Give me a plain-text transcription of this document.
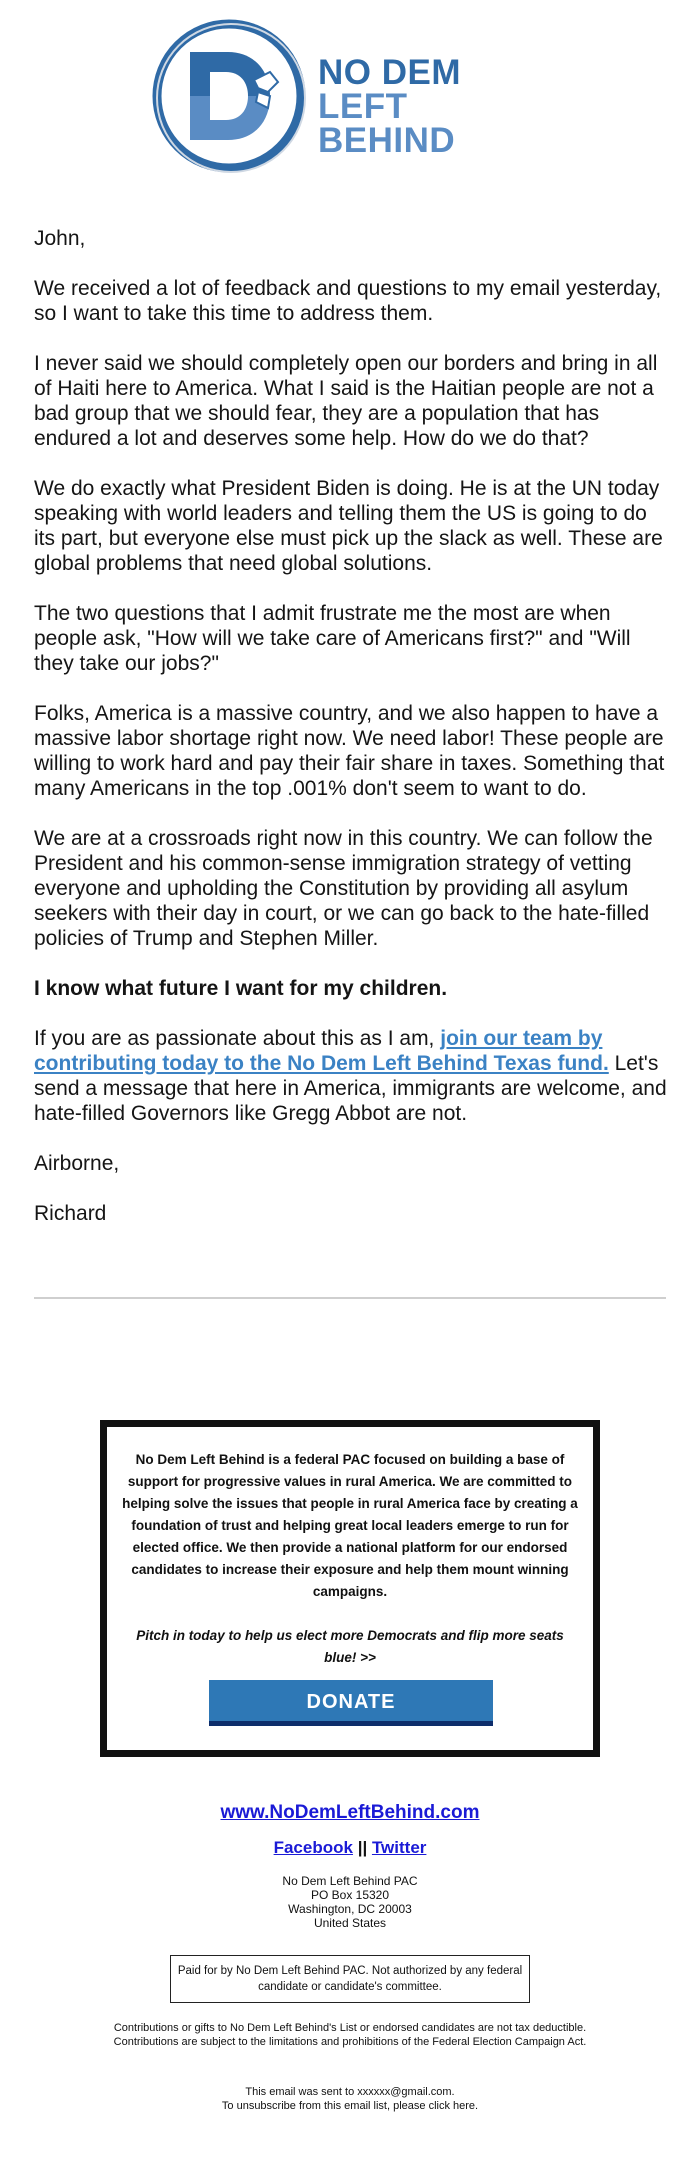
NO DEM
LEFT BEHIND

John,

We received a lot of feedback and questions to my email yesterday, so I want to take this time to address them.

I never said we should completely open our borders and bring in all of Haiti here to America. What I said is the Haitian people are not a bad group that we should fear, they are a population that has endured a lot and deserves some help. How do we do that?

We do exactly what President Biden is doing. He is at the UN today speaking with world leaders and telling them the US is going to do its part, but everyone else must pick up the slack as well. These are global problems that need global solutions.

The two questions that I admit frustrate me the most are when people ask, "How will we take care of Americans first?" and "Will they take our jobs?"

Folks, America is a massive country, and we also happen to have a massive labor shortage right now. We need labor! These people are willing to work hard and pay their fair share in taxes. Something that many Americans in the top .001% don't seem to want to do.

We are at a crossroads right now in this country. We can follow the President and his common-sense immigration strategy of vetting everyone and upholding the Constitution by providing all asylum seekers with their day in court, or we can go back to the hate-filled policies of Trump and Stephen Miller.

I know what future I want for my children.

If you are as passionate about this as I am, join our team by contributing today to the No Dem Left Behind Texas fund. Let's send a message that here in America, immigrants are welcome, and hate-filled Governors like Gregg Abbot are not.

Airborne,

Richard

No Dem Left Behind is a federal PAC focused on building a base of support for progressive values in rural America. We are committed to helping solve the issues that people in rural America face by creating a foundation of trust and helping great local leaders emerge to run for elected office. We then provide a national platform for our endorsed candidates to increase their exposure and help them mount winning campaigns.
Pitch in today to help us elect more Democrats and flip more seats blue! >>
DONATE
www.NoDemLeftBehind.com
Facebook || Twitter
No Dem Left Behind PAC
PO Box 15320
Washington, DC 20003
United States
Paid for by No Dem Left Behind PAC. Not authorized by any federal candidate or candidate's committee.
Contributions or gifts to No Dem Left Behind's List or endorsed candidates are not tax deductible.
Contributions are subject to the limitations and prohibitions of the Federal Election Campaign Act.
This email was sent to xxxxxx@gmail.com.
To unsubscribe from this email list, please click here.
